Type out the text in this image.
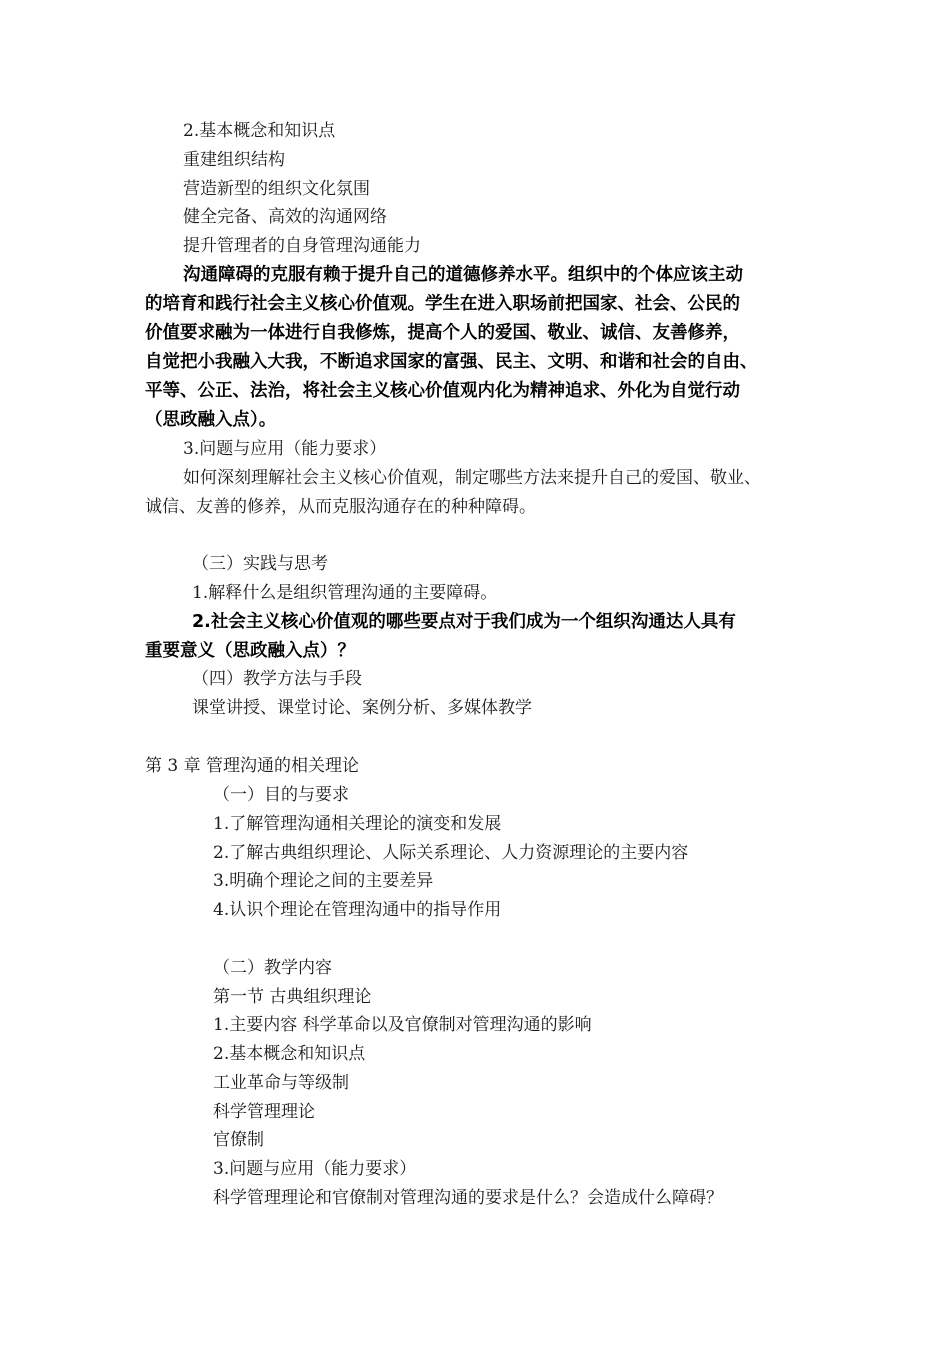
2.基本概念和知识点
重建组织结构
营造新型的组织文化氛围
健全完备、高效的沟通网络
提升管理者的自身管理沟通能力
沟通障碍的克服有赖于提升自己的道德修养水平。组织中的个体应该主动
的培育和践行社会主义核心价值观。学生在进入职场前把国家、社会、公民的
价值要求融为一体进行自我修炼，提高个人的爱国、敬业、诚信、友善修养，
自觉把小我融入大我，不断追求国家的富强、民主、文明、和谐和社会的自由、
平等、公正、法治，将社会主义核心价值观内化为精神追求、外化为自觉行动
（思政融入点）。
3.问题与应用（能力要求）
如何深刻理解社会主义核心价值观，制定哪些方法来提升自己的爱国、敬业、
诚信、友善的修养，从而克服沟通存在的种种障碍。
（三）实践与思考
1.解释什么是组织管理沟通的主要障碍。
2.社会主义核心价值观的哪些要点对于我们成为一个组织沟通达人具有
重要意义（思政融入点）？
（四）教学方法与手段
课堂讲授、课堂讨论、案例分析、多媒体教学
第 3 章 管理沟通的相关理论
（一）目的与要求
1.了解管理沟通相关理论的演变和发展
2.了解古典组织理论、人际关系理论、人力资源理论的主要内容
3.明确个理论之间的主要差异
4.认识个理论在管理沟通中的指导作用
（二）教学内容
第一节 古典组织理论
1.主要内容 科学革命以及官僚制对管理沟通的影响
2.基本概念和知识点
工业革命与等级制
科学管理理论
官僚制
3.问题与应用（能力要求）
科学管理理论和官僚制对管理沟通的要求是什么？会造成什么障碍？
